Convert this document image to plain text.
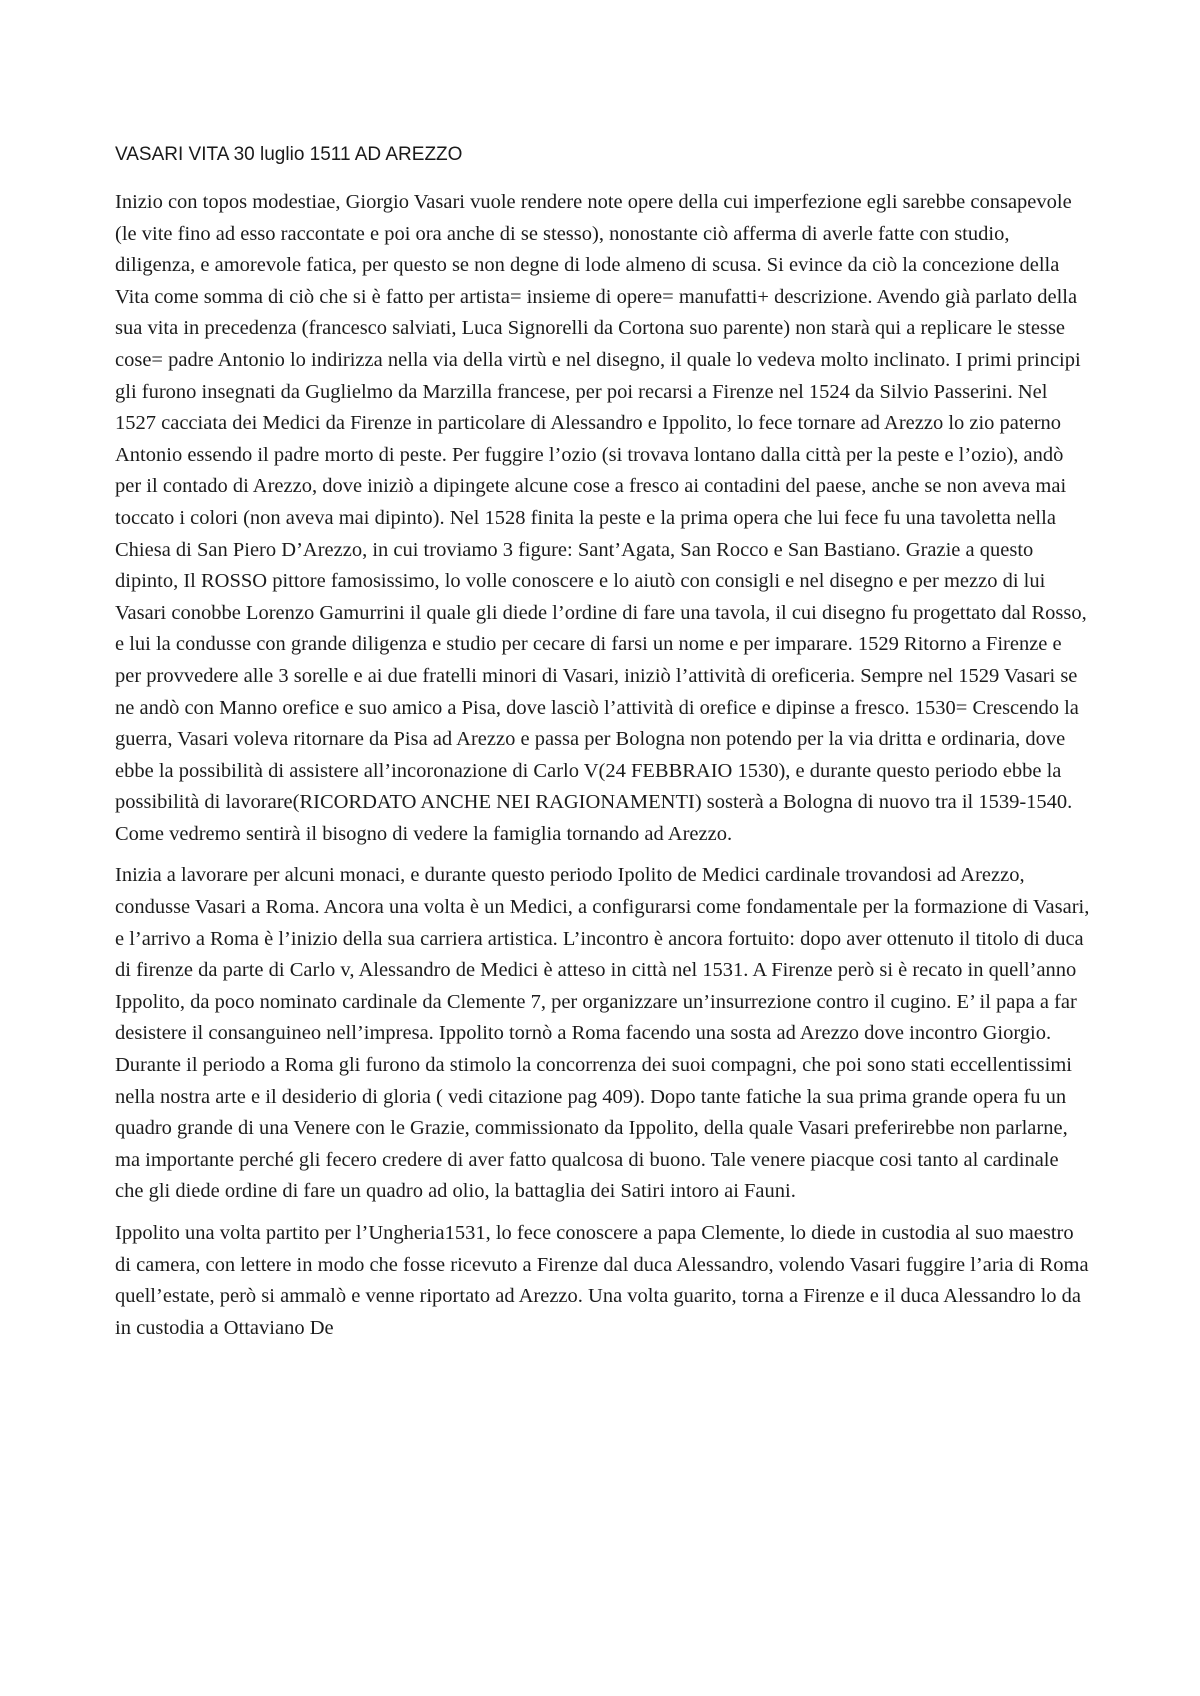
VASARI VITA 30 luglio 1511 AD AREZZO

Inizio con topos modestiae, Giorgio Vasari vuole rendere note opere della cui imperfezione egli sarebbe consapevole (le vite fino ad esso raccontate e poi ora anche di se stesso), nonostante ciò afferma di averle fatte con studio, diligenza, e amorevole fatica, per questo se non degne di lode almeno di scusa. Si evince da ciò la concezione della Vita come somma di ciò che si è fatto per artista= insieme di opere= manufatti+ descrizione. Avendo già parlato della sua vita in precedenza (francesco salviati, Luca Signorelli da Cortona suo parente) non starà qui a replicare le stesse cose= padre Antonio lo indirizza nella via della virtù e nel disegno, il quale lo vedeva molto inclinato. I primi principi gli furono insegnati da Guglielmo da Marzilla francese, per poi recarsi a Firenze nel 1524 da Silvio Passerini. Nel 1527 cacciata dei Medici da Firenze in particolare di Alessandro e Ippolito, lo fece tornare ad Arezzo lo zio paterno Antonio essendo il padre morto di peste. Per fuggire l’ozio (si trovava lontano dalla città per la peste e l’ozio), andò per il contado di Arezzo, dove iniziò a dipingete alcune cose a fresco ai contadini del paese, anche se non aveva mai toccato i colori (non aveva mai dipinto). Nel 1528 finita la peste e la prima opera che lui fece fu una tavoletta nella Chiesa di San Piero D’Arezzo, in cui troviamo 3 figure: Sant’Agata, San Rocco e San Bastiano. Grazie a questo dipinto, Il ROSSO pittore famosissimo, lo volle conoscere e lo aiutò con consigli e nel disegno e per mezzo di lui Vasari conobbe Lorenzo Gamurrini il quale gli diede l’ordine di fare una tavola, il cui disegno fu progettato dal Rosso, e lui la condusse con grande diligenza e studio per cecare di farsi un nome e per imparare. 1529 Ritorno a Firenze e per provvedere alle 3 sorelle e ai due fratelli minori di Vasari, iniziò l’attività di oreficeria. Sempre nel 1529 Vasari se ne andò con Manno orefice e suo amico a Pisa, dove lasciò l’attività di orefice e dipinse a fresco. 1530= Crescendo la guerra, Vasari voleva ritornare da Pisa ad Arezzo e passa per Bologna non potendo per la via dritta e ordinaria, dove ebbe la possibilità di assistere all’incoronazione di Carlo V(24 FEBBRAIO 1530), e durante questo periodo ebbe la possibilità di lavorare(RICORDATO ANCHE NEI RAGIONAMENTI) sosterà a Bologna di nuovo tra il 1539-1540. Come vedremo sentirà il bisogno di vedere la famiglia tornando ad Arezzo.

Inizia a lavorare per alcuni monaci, e durante questo periodo Ipolito de Medici cardinale trovandosi ad Arezzo, condusse Vasari a Roma. Ancora una volta è un Medici, a configurarsi come fondamentale per la formazione di Vasari, e l’arrivo a Roma è l’inizio della sua carriera artistica. L’incontro è ancora fortuito: dopo aver ottenuto il titolo di duca di firenze da parte di Carlo v, Alessandro de Medici è atteso in città nel 1531. A Firenze però si è recato in quell’anno Ippolito, da poco nominato cardinale da Clemente 7, per organizzare un’insurrezione contro il cugino. E’ il papa a far desistere il consanguineo nell’impresa. Ippolito tornò a Roma facendo una sosta ad Arezzo dove incontro Giorgio. Durante il periodo a Roma gli furono da stimolo la concorrenza dei suoi compagni, che poi sono stati eccellentissimi nella nostra arte e il desiderio di gloria ( vedi citazione pag 409). Dopo tante fatiche la sua prima grande opera fu un quadro grande di una Venere con le Grazie, commissionato da Ippolito, della quale Vasari preferirebbe non parlarne, ma importante perché gli fecero credere di aver fatto qualcosa di buono. Tale venere piacque cosi tanto al cardinale che gli diede ordine di fare un quadro ad olio, la battaglia dei Satiri intoro ai Fauni.

Ippolito una volta partito per l’Ungheria1531, lo fece conoscere a papa Clemente, lo diede in custodia al suo maestro di camera, con lettere in modo che fosse ricevuto a Firenze dal duca Alessandro, volendo Vasari fuggire l’aria di Roma quell’estate, però si ammalò e venne riportato ad Arezzo. Una volta guarito, torna a Firenze e il duca Alessandro lo da in custodia a Ottaviano De
